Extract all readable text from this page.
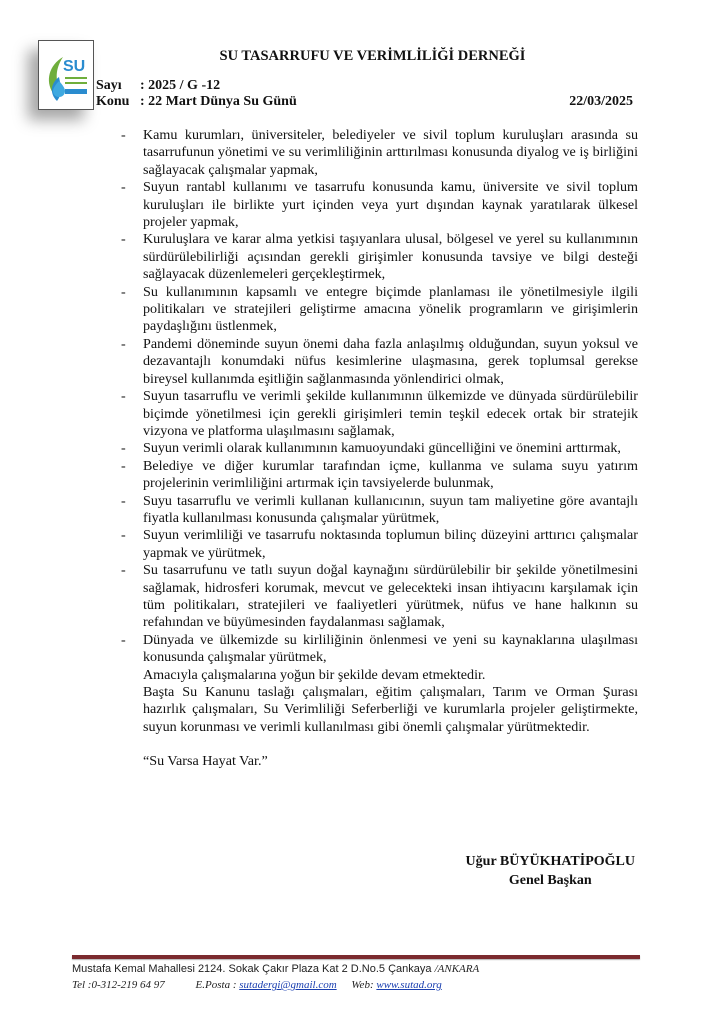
SU
SU TASARRUFU VE VERİMLİLİĞİ DERNEĞİ
Sayı : 2025 / G -12
Konu : 22 Mart Dünya Su Günü	22/03/2025
- Kamu kurumları, üniversiteler, belediyeler ve sivil toplum kuruluşları arasında su tasarrufunun yönetimi ve su verimliliğinin arttırılması konusunda diyalog ve iş birliğini sağlayacak çalışmalar yapmak,
- Suyun rantabl kullanımı ve tasarrufu konusunda kamu, üniversite ve sivil toplum kuruluşları ile birlikte yurt içinden veya yurt dışından kaynak yaratılarak ülkesel projeler yapmak,
- Kuruluşlara ve karar alma yetkisi taşıyanlara ulusal, bölgesel ve yerel su kullanımının sürdürülebilirliği açısından gerekli girişimler konusunda tavsiye ve bilgi desteği sağlayacak düzenlemeleri gerçekleştirmek,
- Su kullanımının kapsamlı ve entegre biçimde planlaması ile yönetilmesiyle ilgili politikaları ve stratejileri geliştirme amacına yönelik programların ve girişimlerin paydaşlığını üstlenmek,
- Pandemi döneminde suyun önemi daha fazla anlaşılmış olduğundan, suyun yoksul ve dezavantajlı konumdaki nüfus kesimlerine ulaşmasına, gerek toplumsal gerekse bireysel kullanımda eşitliğin sağlanmasında yönlendirici olmak,
- Suyun tasarruflu ve verimli şekilde kullanımının ülkemizde ve dünyada sürdürülebilir biçimde yönetilmesi için gerekli girişimleri temin teşkil edecek ortak bir stratejik vizyona ve platforma ulaşılmasını sağlamak,
- Suyun verimli olarak kullanımının kamuoyundaki güncelliğini ve önemini arttırmak,
- Belediye ve diğer kurumlar tarafından içme, kullanma ve sulama suyu yatırım projelerinin verimliliğini artırmak için tavsiyelerde bulunmak,
- Suyu tasarruflu ve verimli kullanan kullanıcının, suyun tam maliyetine göre avantajlı fiyatla kullanılması konusunda çalışmalar yürütmek,
- Suyun verimliliği ve tasarrufu noktasında toplumun bilinç düzeyini arttırıcı çalışmalar yapmak ve yürütmek,
- Su tasarrufunu ve tatlı suyun doğal kaynağını sürdürülebilir bir şekilde yönetilmesini sağlamak, hidrosferi korumak, mevcut ve gelecekteki insan ihtiyacını karşılamak için tüm politikaları, stratejileri ve faaliyetleri yürütmek, nüfus ve hane halkının su refahından ve büyümesinden faydalanması sağlamak,
- Dünyada ve ülkemizde su kirliliğinin önlenmesi ve yeni su kaynaklarına ulaşılması konusunda çalışmalar yürütmek,

Amacıyla çalışmalarına yoğun bir şekilde devam etmektedir.

Başta Su Kanunu taslağı çalışmaları, eğitim çalışmaları, Tarım ve Orman Şurası hazırlık çalışmaları, Su Verimliliği Seferberliği ve kurumlarla projeler geliştirmekte, suyun korunması ve verimli kullanılması gibi önemli çalışmalar yürütmektedir.

“Su Varsa Hayat Var.”

Uğur BÜYÜKHATİPOĞLU
Genel Başkan
Mustafa Kemal Mahallesi 2124. Sokak Çakır Plaza Kat 2 D.No.5 Çankaya /ANKARA
Tel :0-312-219 64 97	E.Posta : sutadergi@gmail.com Web: www.sutad.org
